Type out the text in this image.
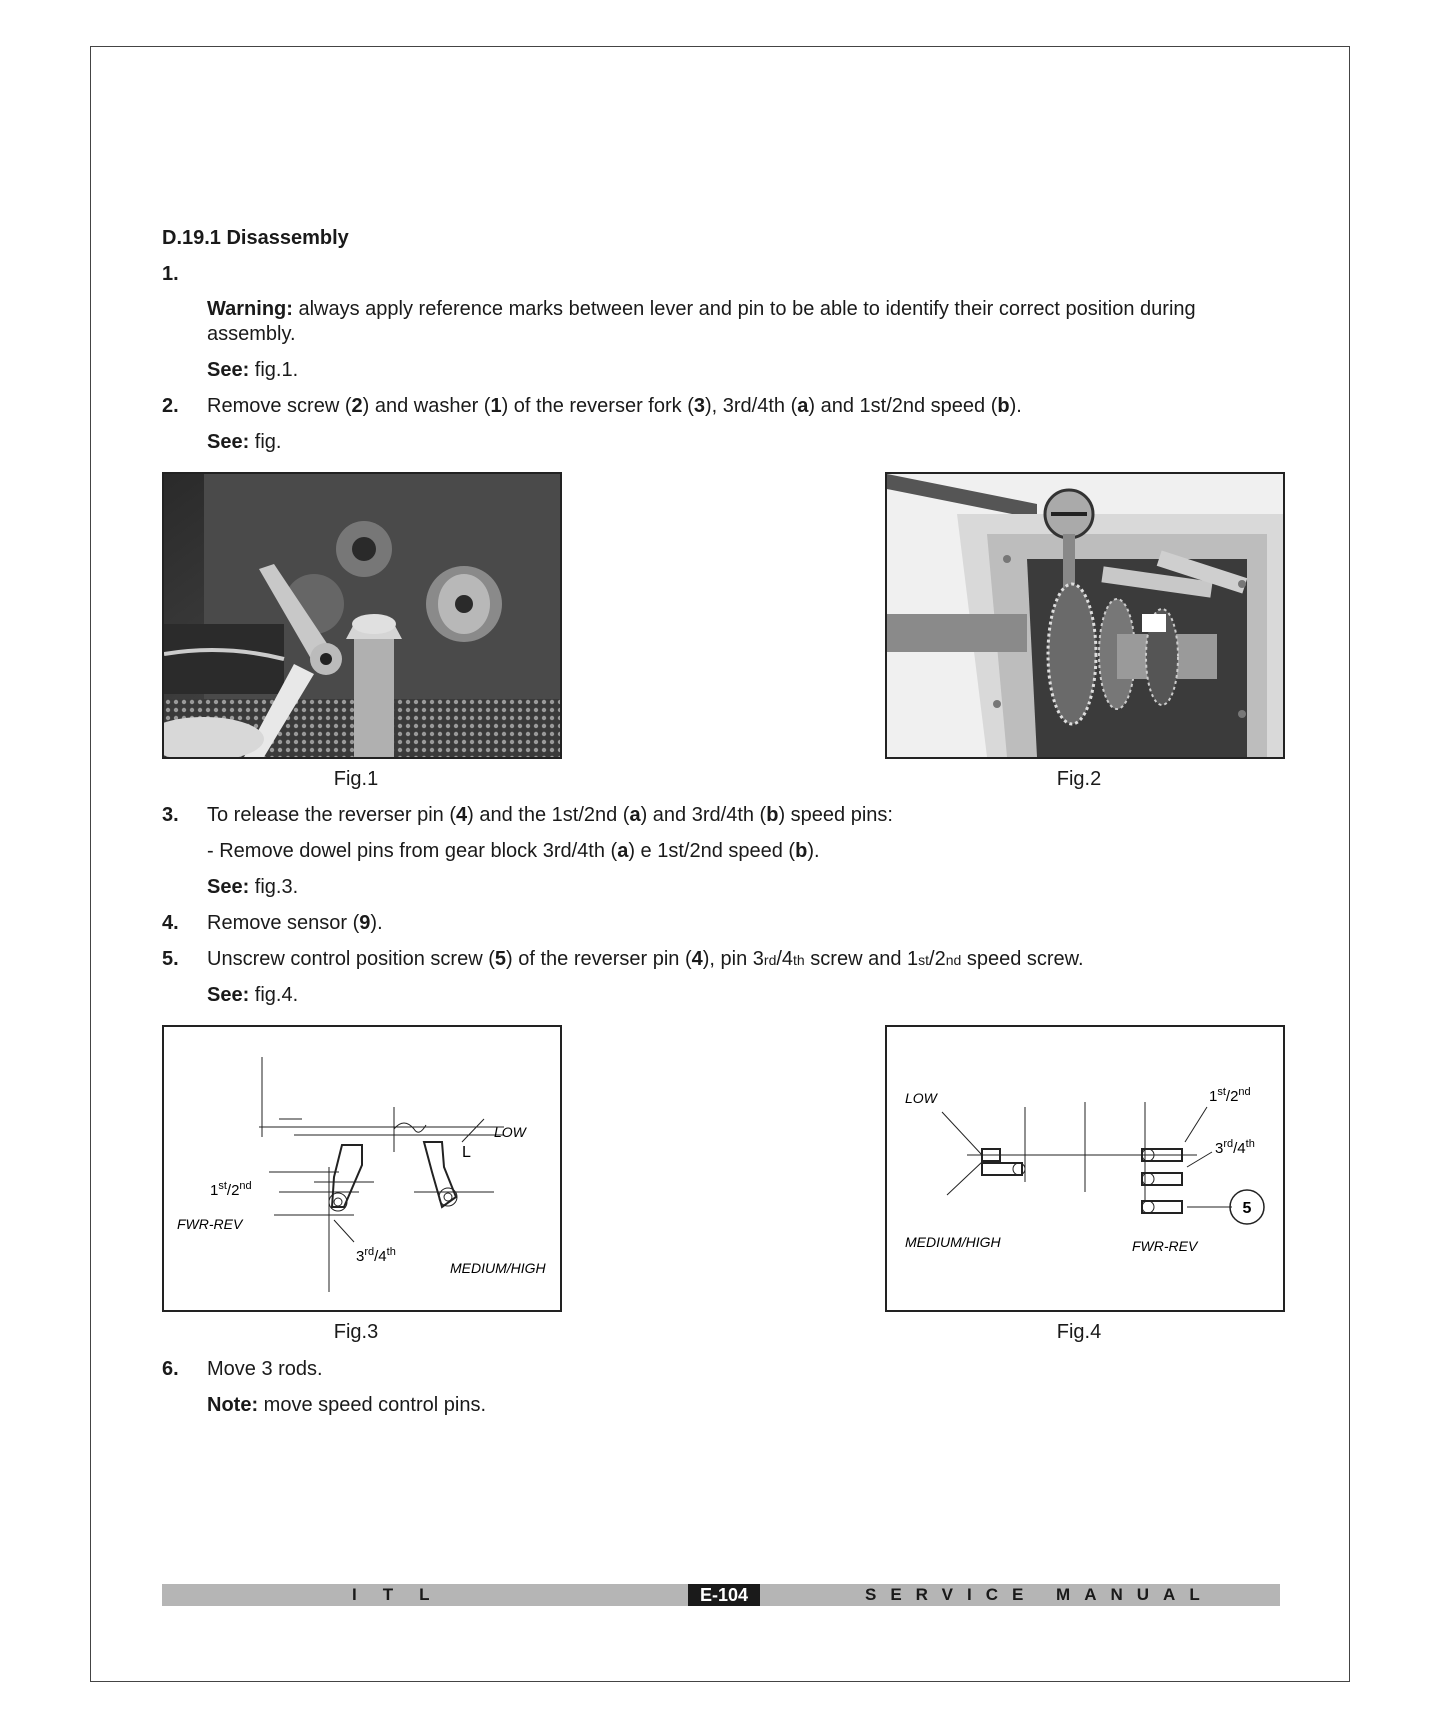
D.19.1 Disassembly
1.
Warning: always apply reference marks between lever and pin to be able to identify their correct position during
assembly.
See: fig.1.
2. Remove screw (2) and washer (1) of the reverser fork (3), 3rd/4th (a) and 1st/2nd speed (b).
See: fig.
Fig.1	Fig.2
3. To release the reverser pin (4) and the 1st/2nd (a) and 3rd/4th (b) speed pins:
- Remove dowel pins from gear block 3rd/4th (a) e 1st/2nd speed (b).
See: fig.3.
4. Remove sensor (9).
5. Unscrew control position screw (5) of the reverser pin (4), pin 3rd/4th screw and 1st/2nd speed screw.
See: fig.4.
LOW
L
1st/2nd
FWR-REV
3rd/4th
MEDIUM/HIGH
Fig.3
LOW	1st/2nd
3rd/4th
5
MEDIUM/HIGH	FWR-REV
Fig.4
6. Move 3 rods.
Note: move speed control pins.
ITL	E-104	SERVICE MANUAL
